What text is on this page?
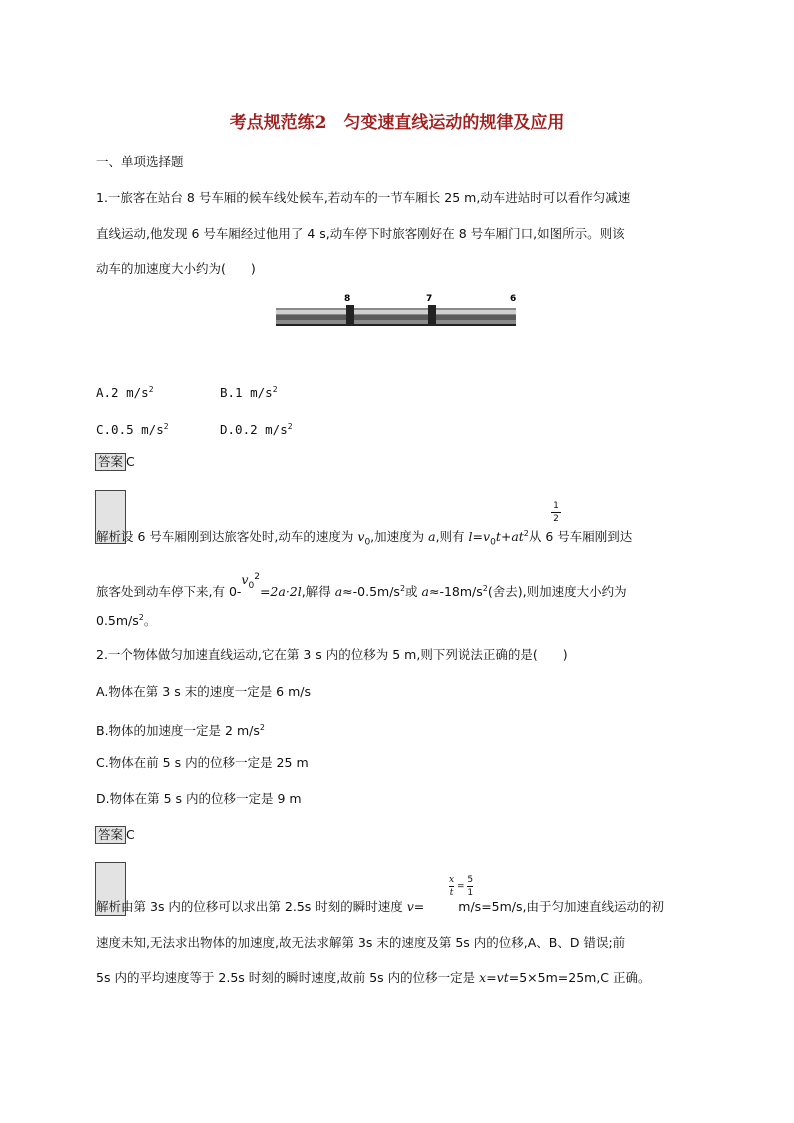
考点规范练2　匀变速直线运动的规律及应用
一、单项选择题
1.一旅客在站台 8 号车厢的候车线处候车,若动车的一节车厢长 25 m,动车进站时可以看作匀减速
直线运动,他发现 6 号车厢经过他用了 4 s,动车停下时旅客刚好在 8 号车厢门口,如图所示。则该
动车的加速度大小约为(　　)
8	7	6
A.2 $m/s^2$	B.1 $m/s^2$
C.0.5 $m/s^2$	D.0.2 $m/s^2$
答案 C
解析设 6 号车厢刚到达旅客处时,动车的速度为 $v_0$,加速度为 a,则有 $l=v_0t+at^2$从 6 号车厢刚到达
1
2
旅客处到动车停下来,有 $0-v_0^2=2a\cdot 2l$,解得 $a\approx-0.5m/s^2$或 $a\approx-18m/s^2$(舍去),则加速度大小约为
$0.5m/s^2$。
2.一个物体做匀加速直线运动,它在第 3 s 内的位移为 5 m,则下列说法正确的是(　　)
A.物体在第 3 s 末的速度一定是 6 m/s
B.物体的加速度一定是 2 $m/s^2$
C.物体在前 5 s 内的位移一定是 25 m
D.物体在第 5 s 内的位移一定是 9 m
答案 C
解析由第 3s 内的位移可以求出第 2.5s 时刻的瞬时速度 v=	m/s=5m/s,由于匀加速直线运动的初
$\frac{x}{t} = \frac{5}{1}$
速度未知,无法求出物体的加速度,故无法求解第 3s 末的速度及第 5s 内的位移,A、B、D 错误;前
5s 内的平均速度等于 2.5s 时刻的瞬时速度,故前 5s 内的位移一定是 x=vt=5×5m=25m,C 正确。
